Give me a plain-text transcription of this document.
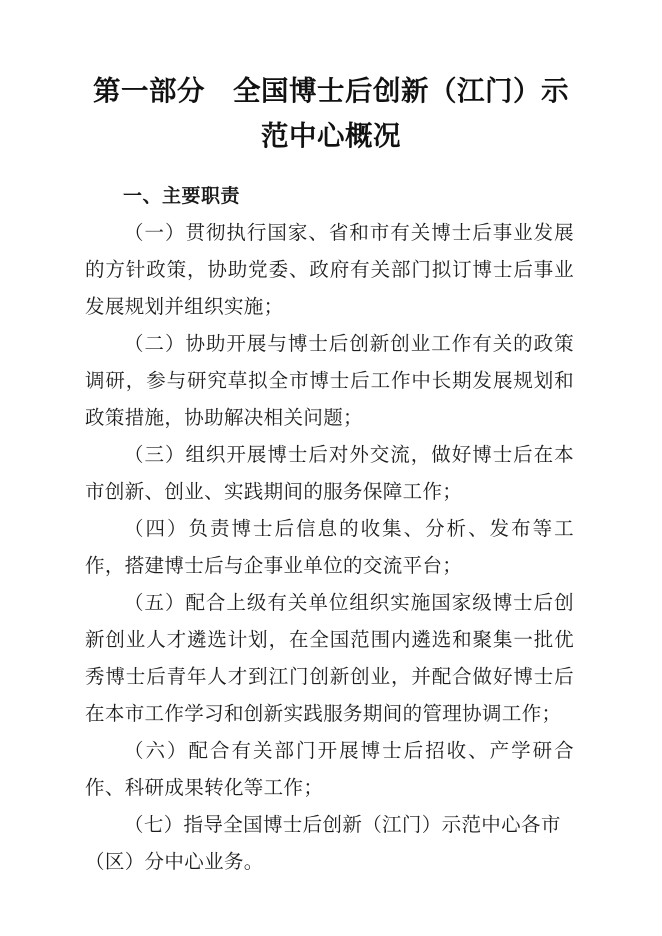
第一部分　全国博士后创新（江门）示范中心概况
一、主要职责

（一）贯彻执行国家、省和市有关博士后事业发展的方针政策，协助党委、政府有关部门拟订博士后事业发展规划并组织实施；

（二）协助开展与博士后创新创业工作有关的政策调研，参与研究草拟全市博士后工作中长期发展规划和政策措施，协助解决相关问题；

（三）组织开展博士后对外交流，做好博士后在本市创新、创业、实践期间的服务保障工作；

（四）负责博士后信息的收集、分析、发布等工作，搭建博士后与企事业单位的交流平台；

（五）配合上级有关单位组织实施国家级博士后创新创业人才遴选计划，在全国范围内遴选和聚集一批优秀博士后青年人才到江门创新创业，并配合做好博士后在本市工作学习和创新实践服务期间的管理协调工作；

（六）配合有关部门开展博士后招收、产学研合作、科研成果转化等工作；

（七）指导全国博士后创新（江门）示范中心各市（区）分中心业务。
